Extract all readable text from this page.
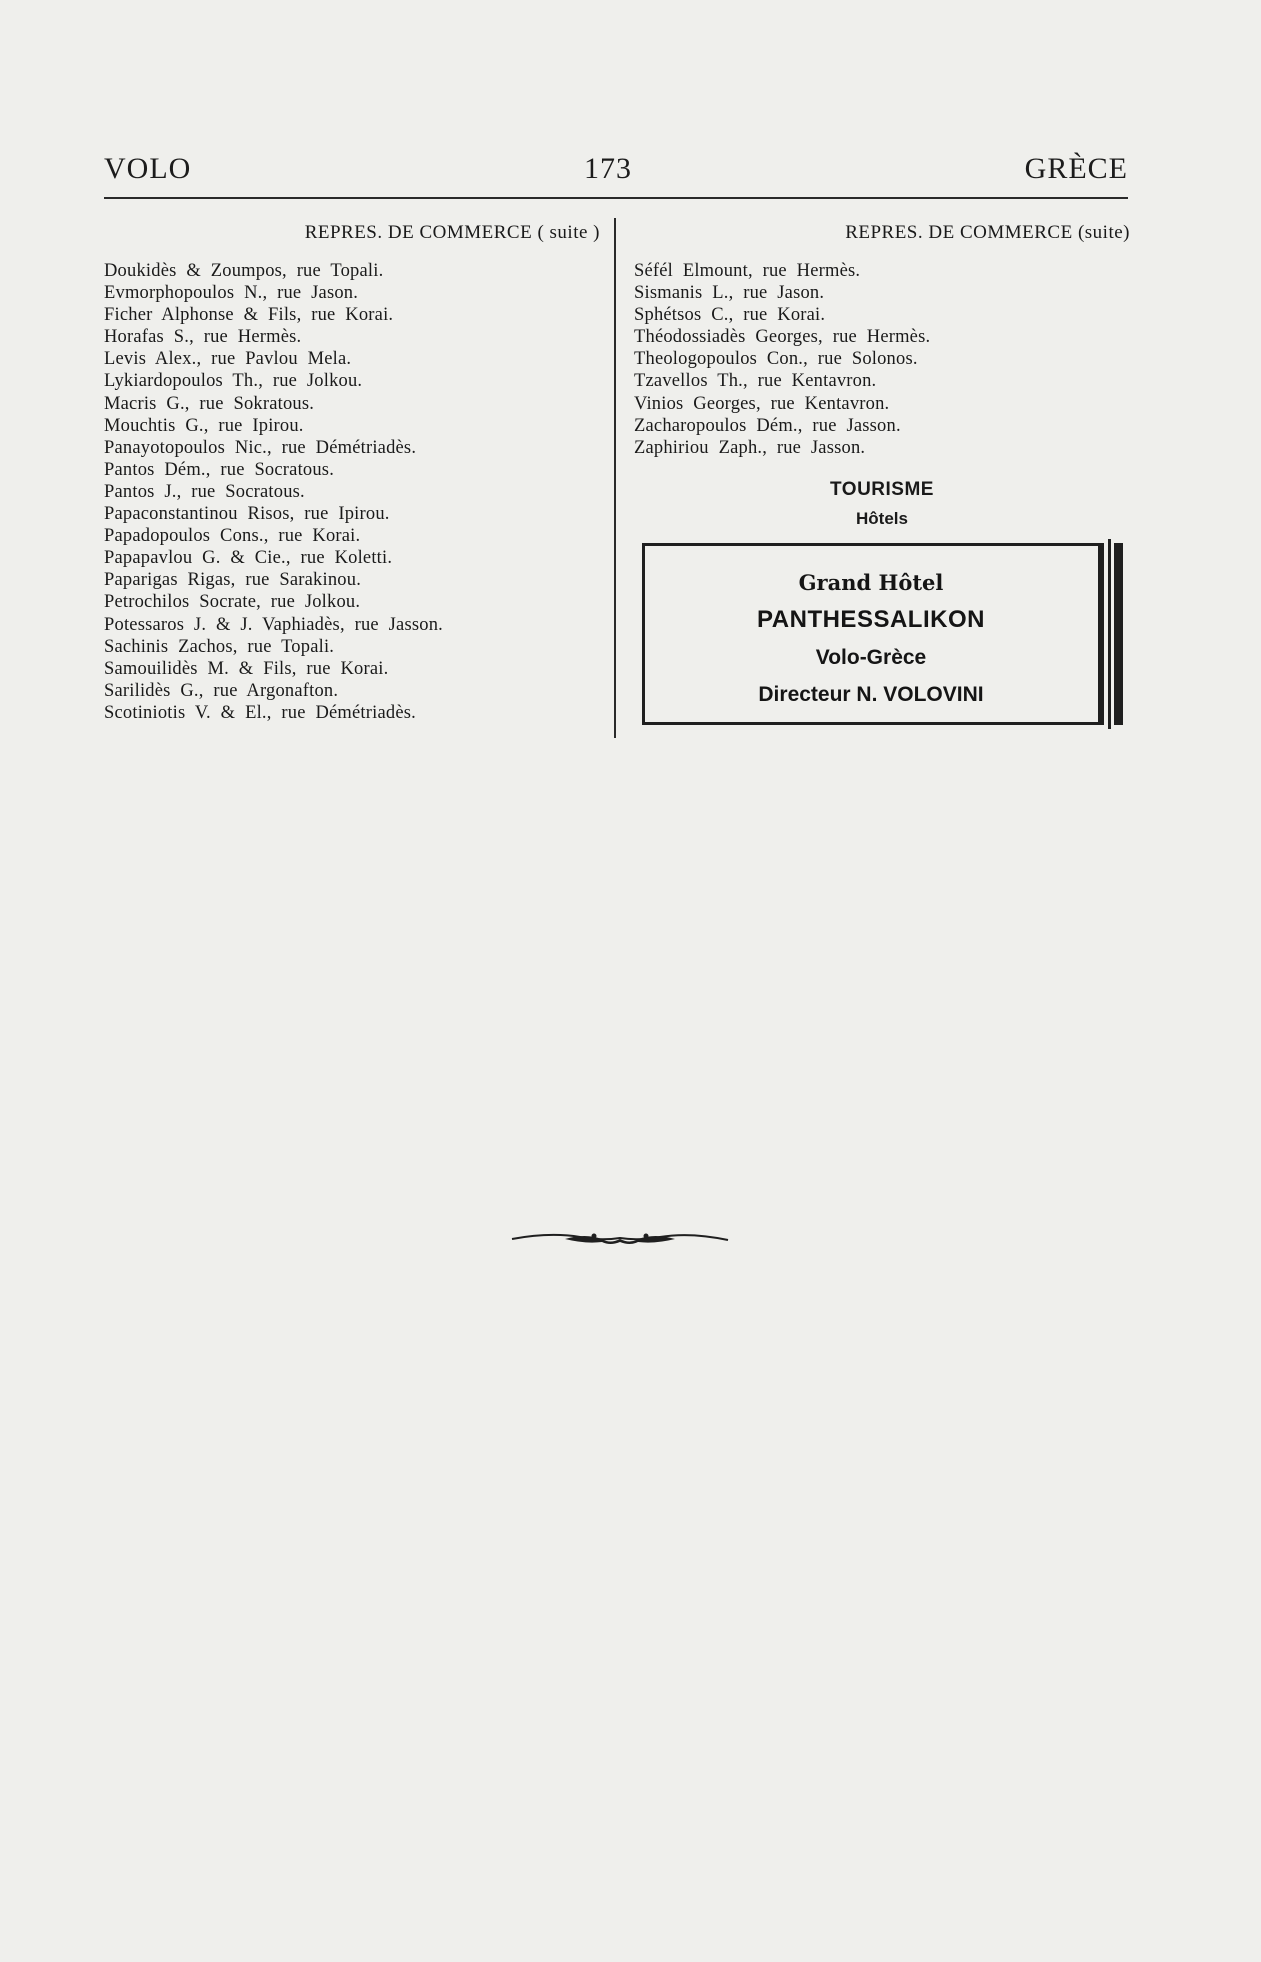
VOLO	173	GRÈCE
REPRES. DE COMMERCE ( suite )
Doukidès & Zoumpos, rue Topali.
Evmorphopoulos N., rue Jason.
Ficher Alphonse & Fils, rue Korai.
Horafas S., rue Hermès.
Levis Alex., rue Pavlou Mela.
Lykiardopoulos Th., rue Jolkou.
Macris G., rue Sokratous.
Mouchtis G., rue Ipirou.
Panayotopoulos Nic., rue Démétriadès.
Pantos Dém., rue Socratous.
Pantos J., rue Socratous.
Papaconstantinou Risos, rue Ipirou.
Papadopoulos Cons., rue Korai.
Papapavlou G. & Cie., rue Koletti.
Paparigas Rigas, rue Sarakinou.
Petrochilos Socrate, rue Jolkou.
Potessaros J. & J. Vaphiadès, rue Jasson.
Sachinis Zachos, rue Topali.
Samouilidès M. & Fils, rue Korai.
Sarilidès G., rue Argonafton.
Scotiniotis V. & El., rue Démétriadès.
REPRES. DE COMMERCE (suite)
Séfél Elmount, rue Hermès.
Sismanis L., rue Jason.
Sphétsos C., rue Korai.
Théodossiadès Georges, rue Hermès.
Theologopoulos Con., rue Solonos.
Tzavellos Th., rue Kentavron.
Vinios Georges, rue Kentavron.
Zacharopoulos Dém., rue Jasson.
Zaphiriou Zaph., rue Jasson.
TOURISME
Hôtels
Grand Hôtel
PANTHESSALIKON
Volo-Grèce
Directeur N. VOLOVINI
